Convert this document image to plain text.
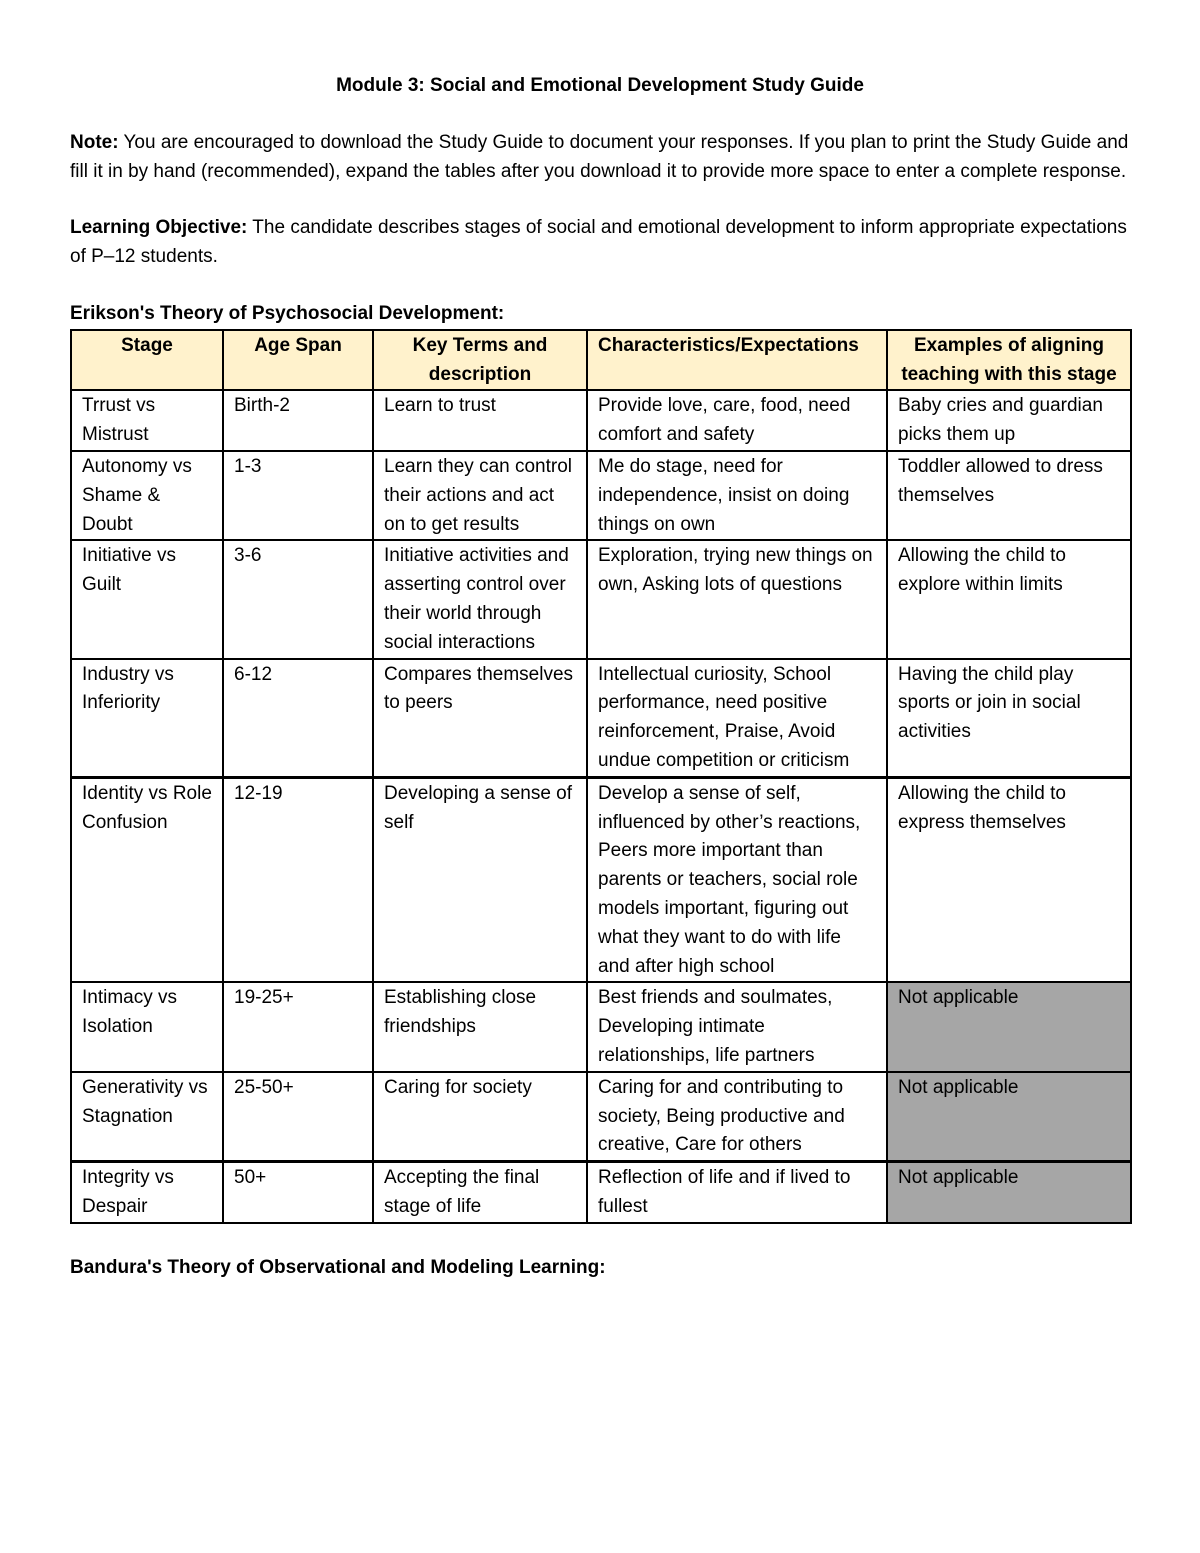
Module 3: Social and Emotional Development Study Guide
Note: You are encouraged to download the Study Guide to document your responses. If you plan to print the Study Guide and fill it in by hand (recommended), expand the tables after you download it to provide more space to enter a complete response.
Learning Objective: The candidate describes stages of social and emotional development to inform appropriate expectations of P–12 students.
Erikson's Theory of Psychosocial Development:
Stage	Age Span	Key Terms and description	Characteristics/Expectations	Examples of aligning teaching with this stage
Trrust vs Mistrust	Birth-2	Learn to trust	Provide love, care, food, need comfort and safety	Baby cries and guardian picks them up
Autonomy vs Shame & Doubt	1-3	Learn they can control their actions and act on to get results	Me do stage, need for independence, insist on doing things on own	Toddler allowed to dress themselves
Initiative vs Guilt	3-6	Initiative activities and asserting control over their world through social interactions	Exploration, trying new things on own, Asking lots of questions	Allowing the child to explore within limits
Industry vs Inferiority	6-12	Compares themselves to peers	Intellectual curiosity, School performance, need positive reinforcement, Praise, Avoid undue competition or criticism	Having the child play sports or join in social activities
Identity vs Role Confusion	12-19	Developing a sense of self	Develop a sense of self, influenced by other’s reactions, Peers more important than parents or teachers, social role models important, figuring out what they want to do with life and after high school	Allowing the child to express themselves
Intimacy vs Isolation	19-25+	Establishing close friendships	Best friends and soulmates, Developing intimate relationships, life partners	Not applicable
Generativity vs Stagnation	25-50+	Caring for society	Caring for and contributing to society, Being productive and creative, Care for others	Not applicable
Integrity vs Despair	50+	Accepting the final stage of life	Reflection of life and if lived to fullest	Not applicable
Bandura's Theory of Observational and Modeling Learning:
